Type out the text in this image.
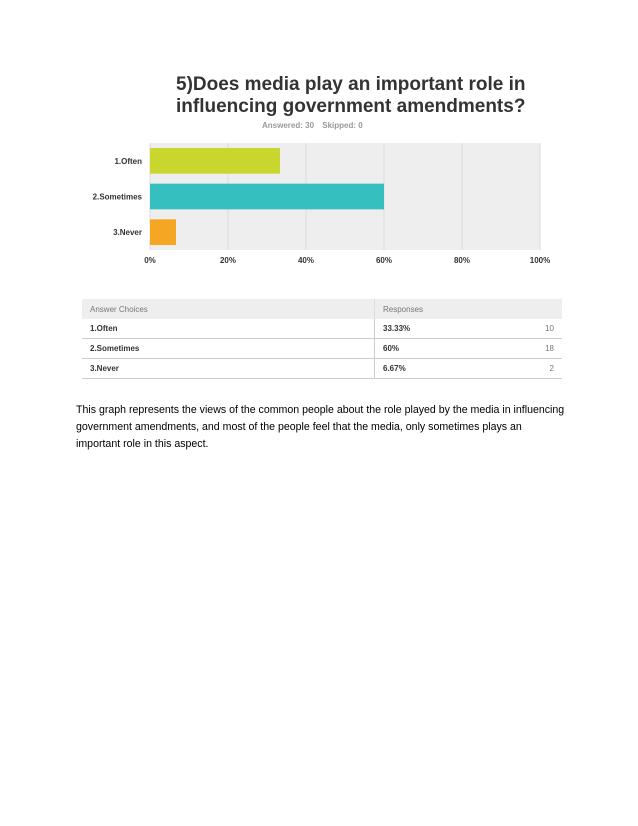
5)Does media play an important role in influencing government amendments?
Answered: 30 Skipped: 0
0%	20%	40%	60%	80%	100%
1.Often
2.Sometimes
3.Never
Answer Choices	Responses	
1.Often	33.33%	10
2.Sometimes	60%	18
3.Never	6.67%	2

This graph represents the views of the common people about the role played by the media in influencing government amendments, and most of the people feel that the media, only sometimes plays an important role in this aspect.
